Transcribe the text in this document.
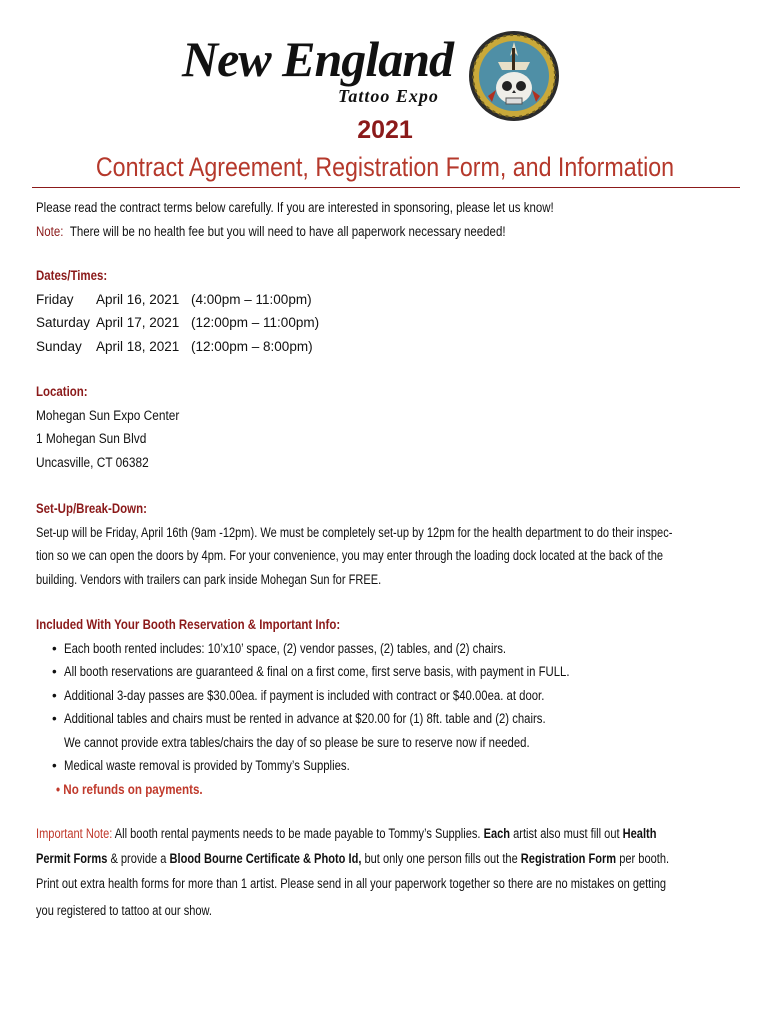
New England
Tattoo Expo
2021
Contract Agreement, Registration Form, and Information
Please read the contract terms below carefully. If you are interested in sponsoring, please let us know!
Note: There will be no health fee but you will need to have all paperwork necessary needed!
Dates/Times:
Friday April 16, 2021 (4:00pm – 11:00pm)
Saturday April 17, 2021 (12:00pm – 11:00pm)
Sunday April 18, 2021 (12:00pm – 8:00pm)
Location:
Mohegan Sun Expo Center
1 Mohegan Sun Blvd
Uncasville, CT 06382
Set-Up/Break-Down:
Set-up will be Friday, April 16th (9am -12pm). We must be completely set-up by 12pm for the health department to do their inspec-
tion so we can open the doors by 4pm. For your convenience, you may enter through the loading dock located at the back of the
building. Vendors with trailers can park inside Mohegan Sun for FREE.
Included With Your Booth Reservation & Important Info:
• Each booth rented includes: 10’x10’ space, (2) vendor passes, (2) tables, and (2) chairs.
• All booth reservations are guaranteed & final on a first come, first serve basis, with payment in FULL.
• Additional 3-day passes are $30.00ea. if payment is included with contract or $40.00ea. at door.
• Additional tables and chairs must be rented in advance at $20.00 for (1) 8ft. table and (2) chairs.
We cannot provide extra tables/chairs the day of so please be sure to reserve now if needed.
• Medical waste removal is provided by Tommy’s Supplies.
• No refunds on payments.
Important Note: All booth rental payments needs to be made payable to Tommy’s Supplies. Each artist also must fill out Health
Permit Forms & provide a Blood Bourne Certificate & Photo Id, but only one person fills out the Registration Form per booth.
Print out extra health forms for more than 1 artist. Please send in all your paperwork together so there are no mistakes on getting
you registered to tattoo at our show.
